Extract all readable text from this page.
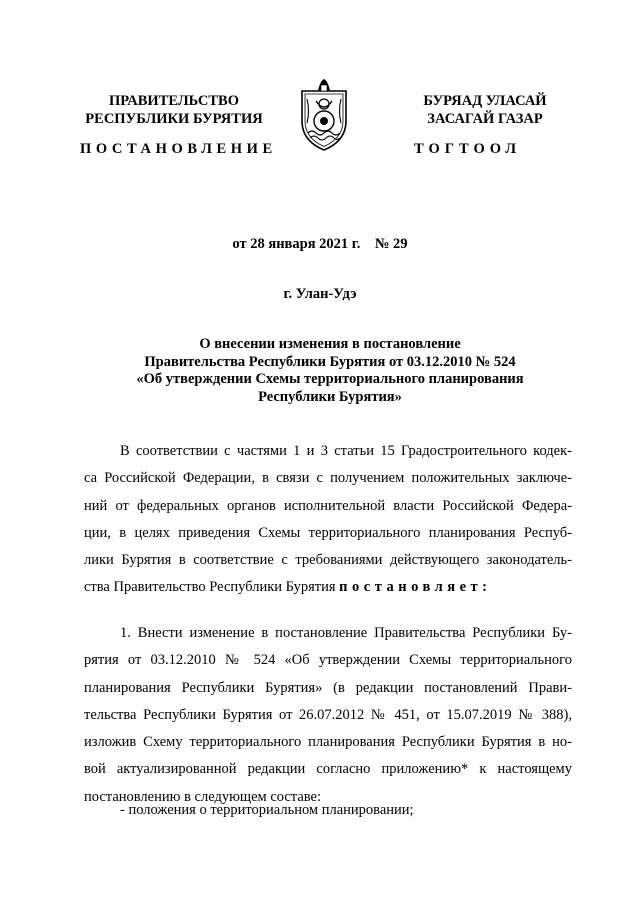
ПРАВИТЕЛЬСТВО
РЕСПУБЛИКИ БУРЯТИЯ
ПОСТАНОВЛЕНИЕ
БУРЯАД УЛАСАЙ
ЗАСАГАЙ ГАЗАР
ТОГТООЛ
от 28 января 2021 г.    № 29
г. Улан-Удэ
О внесении изменения в постановление
Правительства Республики Бурятия от 03.12.2010 № 524
«Об утверждении Схемы территориального планирования
Республики Бурятия»
В соответствии с частями 1 и 3 статьи 15 Градостроительного кодек-
са Российской Федерации, в связи с получением положительных заключе-
ний от федеральных органов исполнительной власти Российской Федера-
ции, в целях приведения Схемы территориального планирования Респуб-
лики Бурятия в соответствие с требованиями действующего законодатель-
ства Правительство Республики Бурятия постановляет:
1. Внести изменение в постановление Правительства Республики Бу-
рятия от 03.12.2010 № 524 «Об утверждении Схемы территориального
планирования Республики Бурятия» (в редакции постановлений Прави-
тельства Республики Бурятия от 26.07.2012 № 451, от 15.07.2019 № 388),
изложив Схему территориального планирования Республики Бурятия в но-
вой актуализированной редакции согласно приложению* к настоящему
постановлению в следующем составе:
- положения о территориальном планировании;
